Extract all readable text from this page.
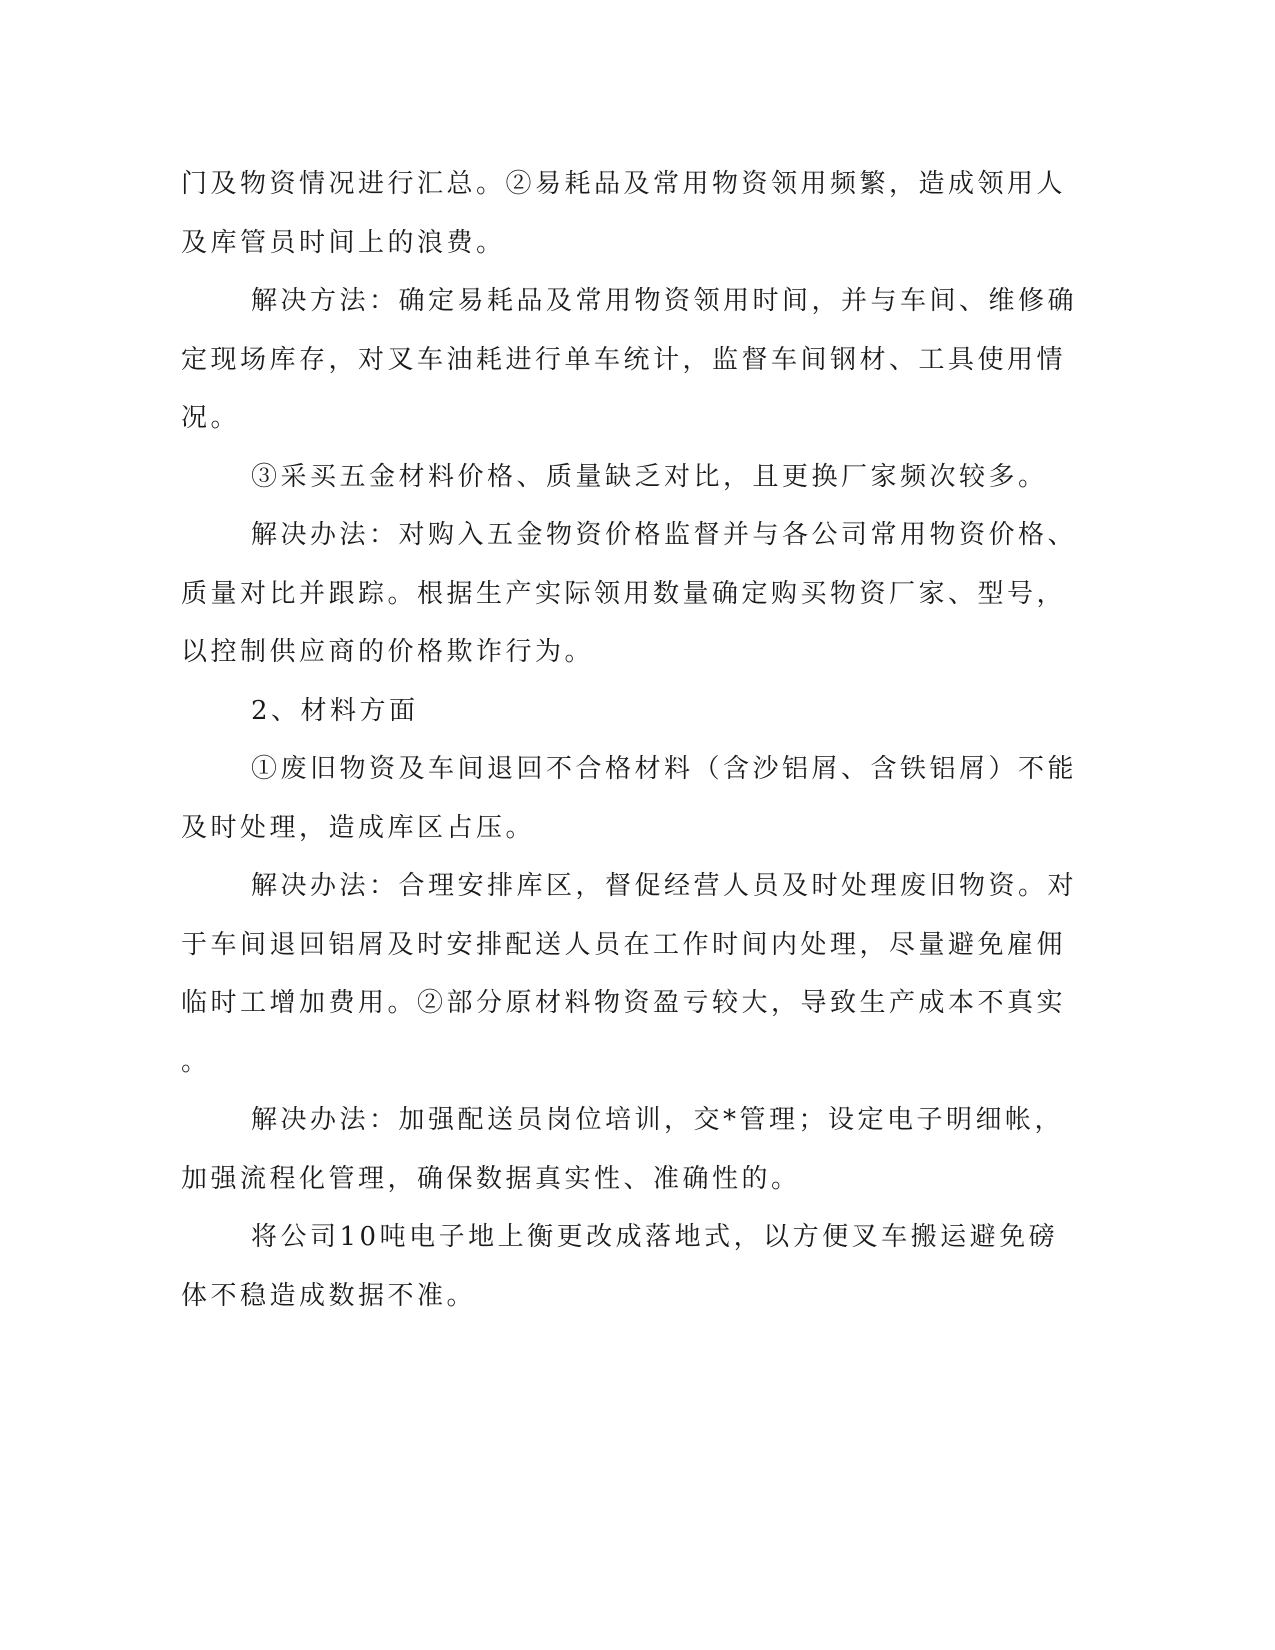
门及物资情况进行汇总。②易耗品及常用物资领用频繁，造成领用人
及库管员时间上的浪费。
解决方法：确定易耗品及常用物资领用时间，并与车间、维修确
定现场库存，对叉车油耗进行单车统计，监督车间钢材、工具使用情
况。
③采买五金材料价格、质量缺乏对比，且更换厂家频次较多。
解决办法：对购入五金物资价格监督并与各公司常用物资价格、
质量对比并跟踪。根据生产实际领用数量确定购买物资厂家、型号，
以控制供应商的价格欺诈行为。
2、材料方面
①废旧物资及车间退回不合格材料（含沙铝屑、含铁铝屑）不能
及时处理，造成库区占压。
解决办法：合理安排库区，督促经营人员及时处理废旧物资。对
于车间退回铝屑及时安排配送人员在工作时间内处理，尽量避免雇佣
临时工增加费用。②部分原材料物资盈亏较大，导致生产成本不真实
。
解决办法：加强配送员岗位培训，交*管理；设定电子明细帐，
加强流程化管理，确保数据真实性、准确性的。
将公司10吨电子地上衡更改成落地式，以方便叉车搬运避免磅
体不稳造成数据不准。
